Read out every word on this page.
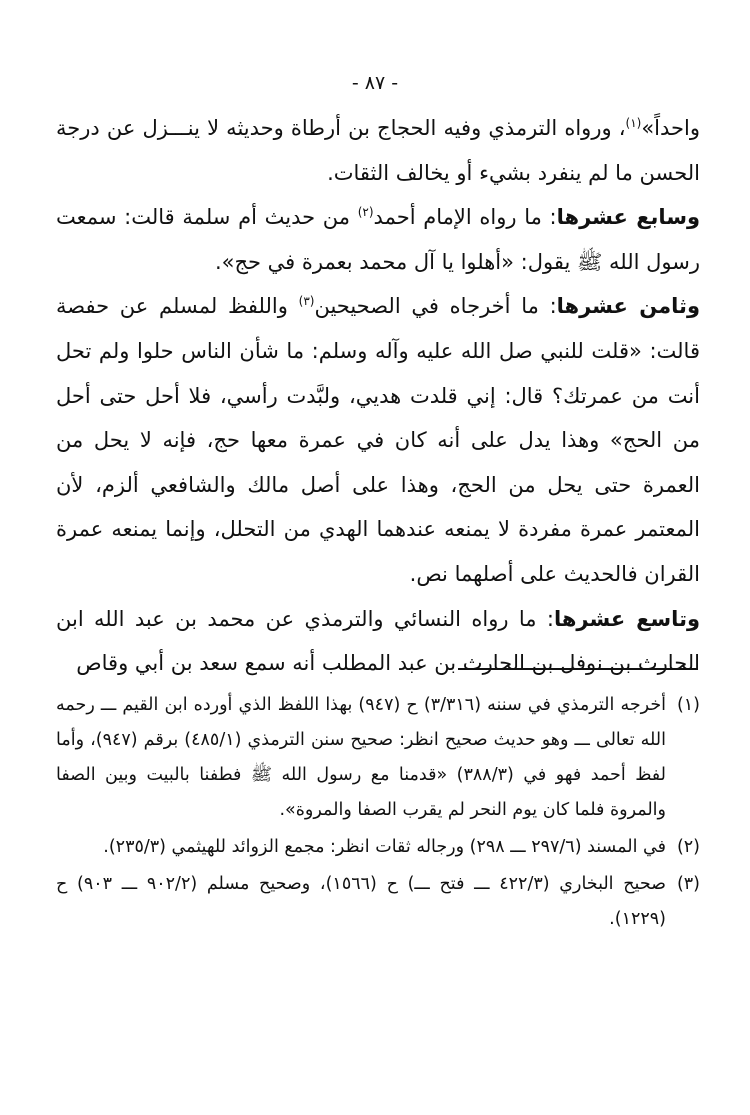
- ٨٧ -

واحداً»$^{(١)}$، ورواه الترمذي وفيه الحجاج بن أرطاة وحديثه لا ينـــزل عن درجة الحسن ما لم ينفرد بشيء أو يخالف الثقات.

وسابع عشرها: ما رواه الإمام أحمد$^{(٢)}$ من حديث أم سلمة قالت: سمعت رسول الله ﷺ يقول: «أهلوا يا آل محمد بعمرة في حج».

وثامن عشرها: ما أخرجاه في الصحيحين$^{(٣)}$ واللفظ لمسلم عن حفصة قالت: «قلت للنبي صل الله عليه وآله وسلم: ما شأن الناس حلوا ولم تحل أنت من عمرتك؟ قال: إني قلدت هديي، ولبَّدت رأسي، فلا أحل حتى أحل من الحج» وهذا يدل على أنه كان في عمرة معها حج، فإنه لا يحل من العمرة حتى يحل من الحج، وهذا على أصل مالك والشافعي ألزم، لأن المعتمر عمرة مفردة لا يمنعه عندهما الهدي من التحلل، وإنما يمنعه عمرة القران فالحديث على أصلهما نص.

وتاسع عشرها: ما رواه النسائي والترمذي عن محمد بن عبد الله ابن الحارث بن نوفل بن الحارث بن عبد المطلب أنه سمع سعد بن أبي وقاص

(١)
أخرجه الترمذي في سننه (٣/٣١٦) ح (٩٤٧) بهذا اللفظ الذي أورده ابن القيم ـــ رحمه الله تعالى ـــ وهو حديث صحيح انظر: صحيح سنن الترمذي (٤٨٥/١) برقم (٩٤٧)، وأما لفظ أحمد فهو في (٣٨٨/٣) «قدمنا مع رسول الله ﷺ فطفنا بالبيت وبين الصفا والمروة فلما كان يوم النحر لم يقرب الصفا والمروة».
(٢)
في المسند (٢٩٧/٦ ـــ ٢٩٨) ورجاله ثقات انظر: مجمع الزوائد للهيثمي (٢٣٥/٣).
(٣)
صحيح البخاري (٤٢٢/٣ ـــ فتح ـــ) ح (١٥٦٦)، وصحيح مسلم (٩٠٢/٢ ـــ ٩٠٣) ح (١٢٢٩).
